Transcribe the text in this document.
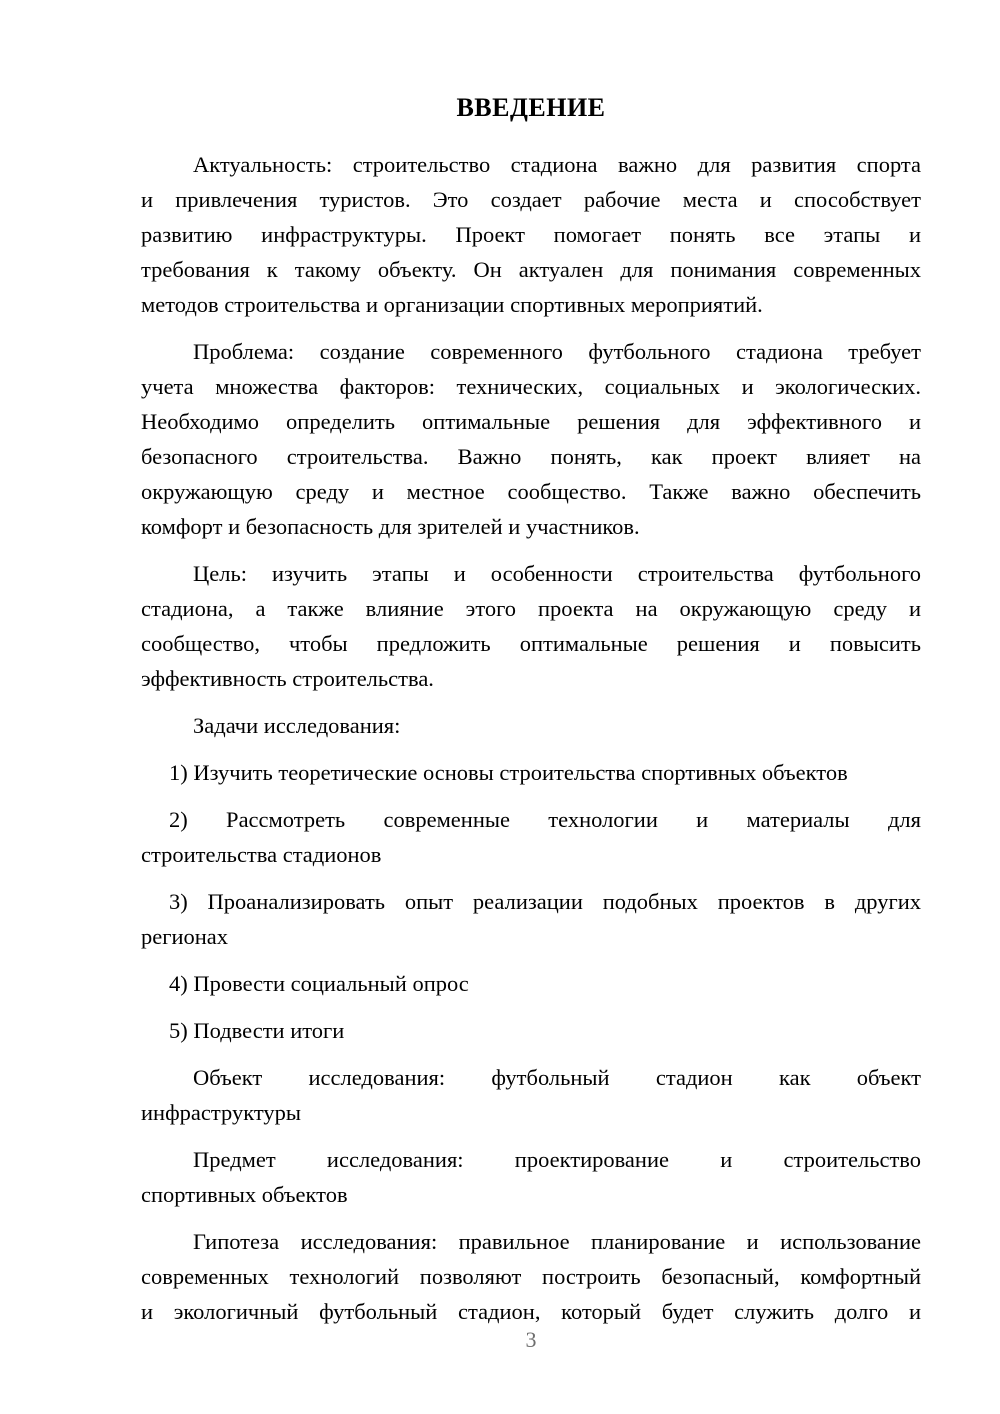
ВВЕДЕНИЕ
Актуальность: строительство стадиона важно для развития спорта
и привлечения туристов. Это создает рабочие места и способствует
развитию инфраструктуры. Проект помогает понять все этапы и
требования к такому объекту. Он актуален для понимания современных
методов строительства и организации спортивных мероприятий.
Проблема: создание современного футбольного стадиона требует
учета множества факторов: технических, социальных и экологических.
Необходимо определить оптимальные решения для эффективного и
безопасного строительства. Важно понять, как проект влияет на
окружающую среду и местное сообщество. Также важно обеспечить
комфорт и безопасность для зрителей и участников.
Цель: изучить этапы и особенности строительства футбольного
стадиона, а также влияние этого проекта на окружающую среду и
сообщество, чтобы предложить оптимальные решения и повысить
эффективность строительства.
Задачи исследования:
1) Изучить теоретические основы строительства спортивных объектов
2) Рассмотреть современные технологии и материалы для
строительства стадионов
3) Проанализировать опыт реализации подобных проектов в других
регионах
4) Провести социальный опрос
5) Подвести итоги
Объект исследования: футбольный стадион как объект
инфраструктуры
Предмет исследования: проектирование и строительство
спортивных объектов
Гипотеза исследования: правильное планирование и использование
современных технологий позволяют построить безопасный, комфортный
и экологичный футбольный стадион, который будет служить долго и
3
